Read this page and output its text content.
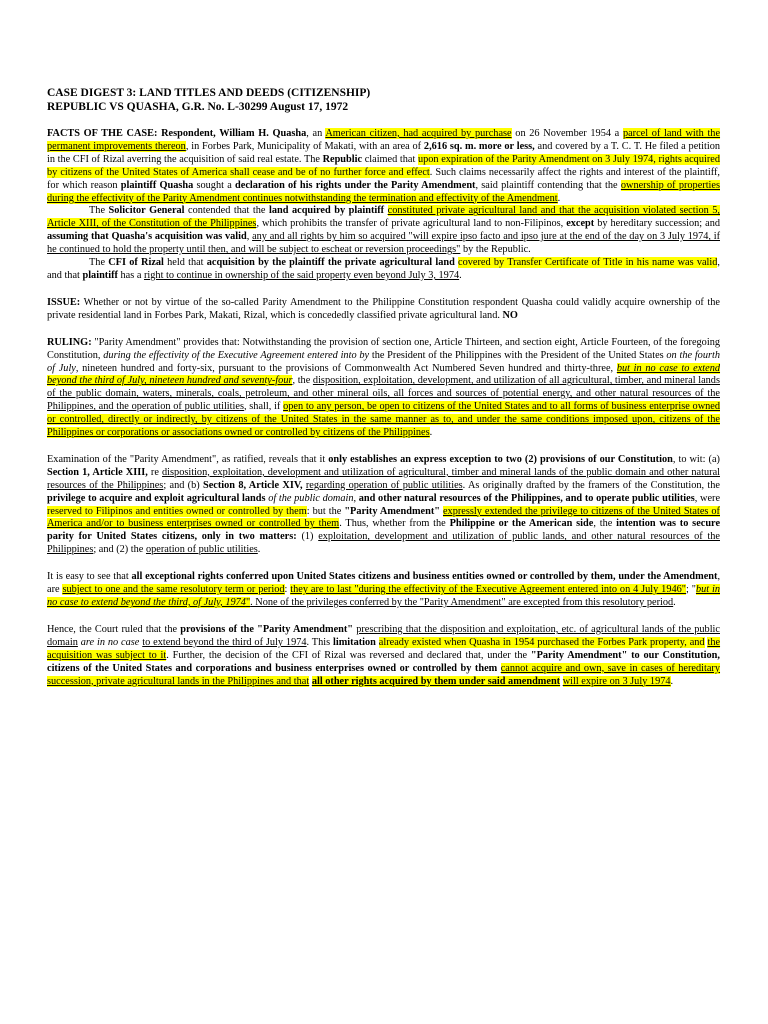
CASE DIGEST 3: LAND TITLES AND DEEDS (CITIZENSHIP)

REPUBLIC VS QUASHA, G.R. No. L-30299 August 17, 1972

FACTS OF THE CASE: Respondent, William H. Quasha, an American citizen, had acquired by purchase on 26 November 1954 a parcel of land with the permanent improvements thereon, in Forbes Park, Municipality of Makati, with an area of 2,616 sq. m. more or less, and covered by a T. C. T. He filed a petition in the CFI of Rizal averring the acquisition of said real estate. The Republic claimed that upon expiration of the Parity Amendment on 3 July 1974, rights acquired by citizens of the United States of America shall cease and be of no further force and effect. Such claims necessarily affect the rights and interest of the plaintiff, for which reason plaintiff Quasha sought a declaration of his rights under the Parity Amendment, said plaintiff contending that the ownership of properties during the effectivity of the Parity Amendment continues notwithstanding the termination and effectivity of the Amendment.

The Solicitor General contended that the land acquired by plaintiff constituted private agricultural land and that the acquisition violated section 5, Article XIII, of the Constitution of the Philippines, which prohibits the transfer of private agricultural land to non-Filipinos, except by hereditary succession; and assuming that Quasha's acquisition was valid, any and all rights by him so acquired "will expire ipso facto and ipso jure at the end of the day on 3 July 1974, if he continued to hold the property until then, and will be subject to escheat or reversion proceedings" by the Republic.

The CFI of Rizal held that acquisition by the plaintiff the private agricultural land covered by Transfer Certificate of Title in his name was valid, and that plaintiff has a right to continue in ownership of the said property even beyond July 3, 1974.

ISSUE: Whether or not by virtue of the so-called Parity Amendment to the Philippine Constitution respondent Quasha could validly acquire ownership of the private residential land in Forbes Park, Makati, Rizal, which is concededly classified private agricultural land. NO

RULING: "Parity Amendment" provides that: Notwithstanding the provision of section one, Article Thirteen, and section eight, Article Fourteen, of the foregoing Constitution, during the effectivity of the Executive Agreement entered into by the President of the Philippines with the President of the United States on the fourth of July, nineteen hundred and forty-six, pursuant to the provisions of Commonwealth Act Numbered Seven hundred and thirty-three, but in no case to extend beyond the third of July, nineteen hundred and seventy-four, the disposition, exploitation, development, and utilization of all agricultural, timber, and mineral lands of the public domain, waters, minerals, coals, petroleum, and other mineral oils, all forces and sources of potential energy, and other natural resources of the Philippines, and the operation of public utilities, shall, if open to any person, be open to citizens of the United States and to all forms of business enterprise owned or controlled, directly or indirectly, by citizens of the United States in the same manner as to, and under the same conditions imposed upon, citizens of the Philippines or corporations or associations owned or controlled by citizens of the Philippines.

Examination of the "Parity Amendment", as ratified, reveals that it only establishes an express exception to two (2) provisions of our Constitution, to wit: (a) Section 1, Article XIII, re disposition, exploitation, development and utilization of agricultural, timber and mineral lands of the public domain and other natural resources of the Philippines; and (b) Section 8, Article XIV, regarding operation of public utilities. As originally drafted by the framers of the Constitution, the privilege to acquire and exploit agricultural lands of the public domain, and other natural resources of the Philippines, and to operate public utilities, were reserved to Filipinos and entities owned or controlled by them: but the "Parity Amendment" expressly extended the privilege to citizens of the United States of America and/or to business enterprises owned or controlled by them. Thus, whether from the Philippine or the American side, the intention was to secure parity for United States citizens, only in two matters: (1) exploitation, development and utilization of public lands, and other natural resources of the Philippines; and (2) the operation of public utilities.

It is easy to see that all exceptional rights conferred upon United States citizens and business entities owned or controlled by them, under the Amendment, are subject to one and the same resolutory term or period: they are to last "during the effectivity of the Executive Agreement entered into on 4 July 1946"; "but in no case to extend beyond the third, of July, 1974". None of the privileges conferred by the "Parity Amendment" are excepted from this resolutory period.

Hence, the Court ruled that the provisions of the "Parity Amendment" prescribing that the disposition and exploitation, etc. of agricultural lands of the public domain are in no case to extend beyond the third of July 1974. This limitation already existed when Quasha in 1954 purchased the Forbes Park property, and the acquisition was subject to it. Further, the decision of the CFI of Rizal was reversed and declared that, under the "Parity Amendment" to our Constitution, citizens of the United States and corporations and business enterprises owned or controlled by them cannot acquire and own, save in cases of hereditary succession, private agricultural lands in the Philippines and that all other rights acquired by them under said amendment will expire on 3 July 1974.
